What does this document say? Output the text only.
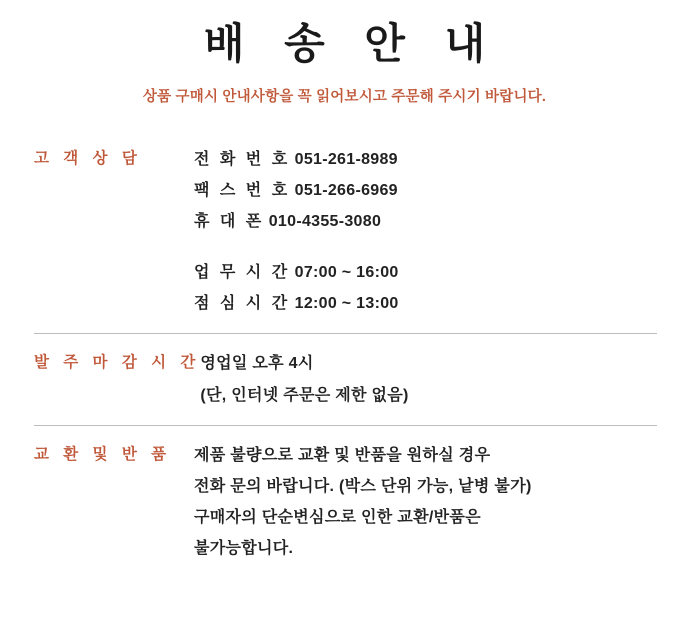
배 송 안 내
상품 구매시 안내사항을 꼭 읽어보시고 주문해 주시기 바랍니다.
고 객 상 담	전 화 번 호 051-261-8989
팩 스 번 호 051-266-6969
휴 대 폰 010-4355-3080
업 무 시 간 07:00 ~ 16:00
점 심 시 간 12:00 ~ 13:00
발 주 마 감 시 간 영업일 오후 4시
(단, 인터넷 주문은 제한 없음)
교 환 및 반 품	제품 불량으로 교환 및 반품을 원하실 경우
전화 문의 바랍니다. (박스 단위 가능, 낱병 불가)
구매자의 단순변심으로 인한 교환/반품은
불가능합니다.
